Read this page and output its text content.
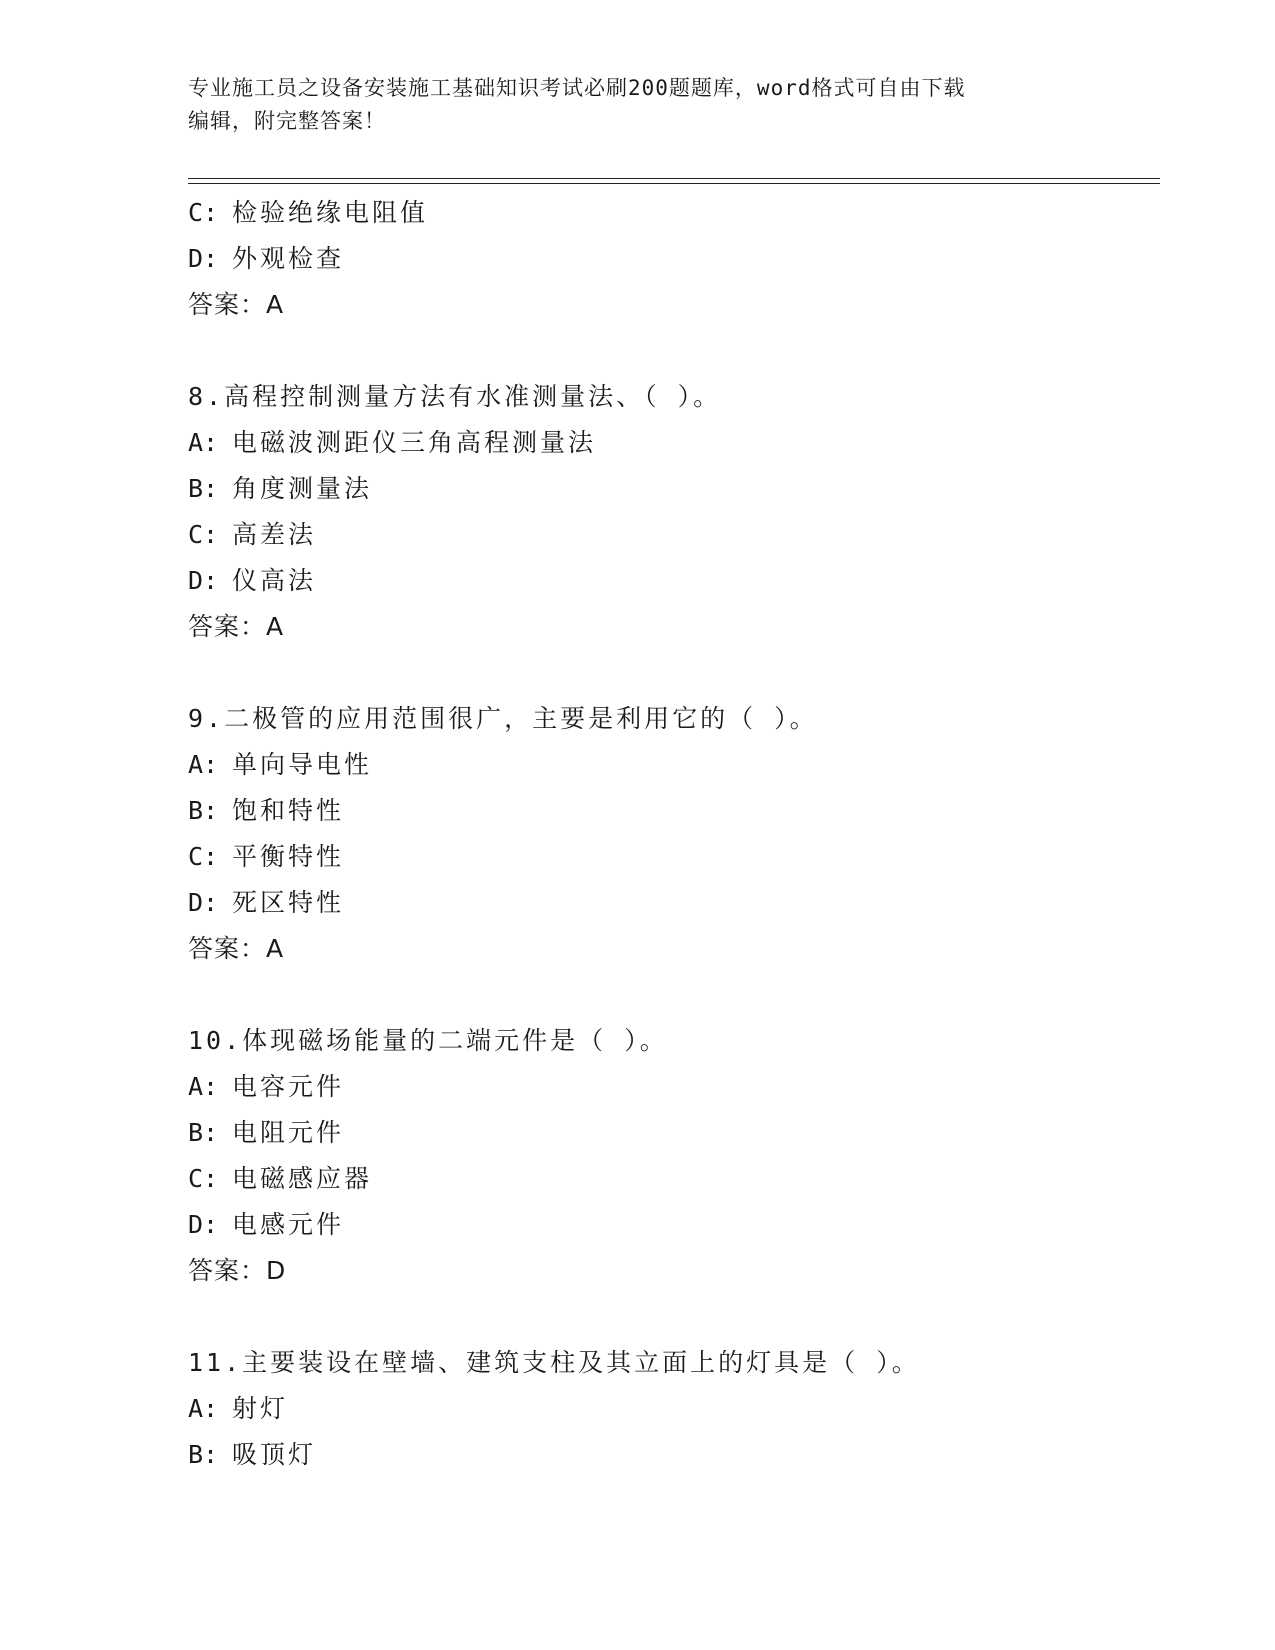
专业施工员之设备安装施工基础知识考试必刷200题题库，word格式可自由下载
编辑，附完整答案！
C: 检验绝缘电阻值
D: 外观检查
答案：A
8.高程控制测量方法有水准测量法、（ ）。
A: 电磁波测距仪三角高程测量法
B: 角度测量法
C: 高差法
D: 仪高法
答案：A
9.二极管的应用范围很广，主要是利用它的（ ）。
A: 单向导电性
B: 饱和特性
C: 平衡特性
D: 死区特性
答案：A
10.体现磁场能量的二端元件是（ ）。
A: 电容元件
B: 电阻元件
C: 电磁感应器
D: 电感元件
答案：D
11.主要装设在壁墙、建筑支柱及其立面上的灯具是（ ）。
A: 射灯
B: 吸顶灯
